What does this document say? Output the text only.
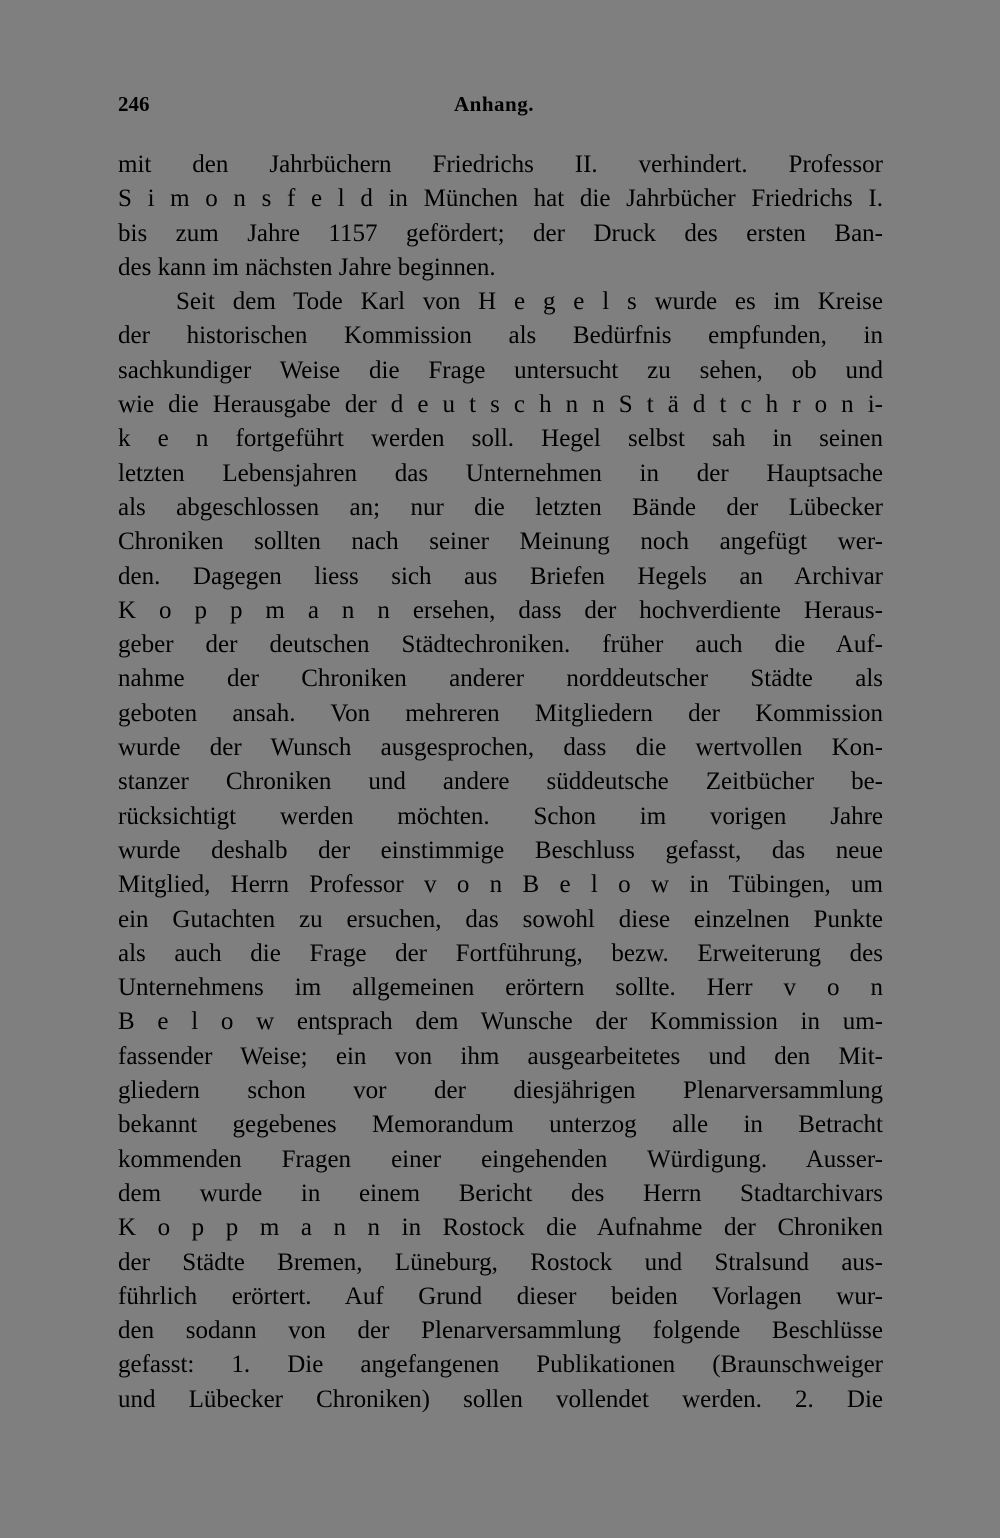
246	Anhang.
mit den Jahrbüchern Friedrichs II. verhindert. Professor
S i m o n s f e l d in München hat die Jahrbücher Friedrichs I.
bis zum Jahre 1157 gefördert; der Druck des ersten Ban-
des kann im nächsten Jahre beginnen.
Seit dem Tode Karl von H e g e l s wurde es im Kreise
der historischen Kommission als Bedürfnis empfunden, in
sachkundiger Weise die Frage untersucht zu sehen, ob und
wie die Herausgabe der d e u t s c h n n S t ä d t c h r o n i-
k e n fortgeführt werden soll. Hegel selbst sah in seinen
letzten Lebensjahren das Unternehmen in der Hauptsache
als abgeschlossen an; nur die letzten Bände der Lübecker
Chroniken sollten nach seiner Meinung noch angefügt wer-
den. Dagegen liess sich aus Briefen Hegels an Archivar
K o p p m a n n ersehen, dass der hochverdiente Heraus-
geber der deutschen Städtechroniken. früher auch die Auf-
nahme der Chroniken anderer norddeutscher Städte als
geboten ansah. Von mehreren Mitgliedern der Kommission
wurde der Wunsch ausgesprochen, dass die wertvollen Kon-
stanzer Chroniken und andere süddeutsche Zeitbücher be-
rücksichtigt werden möchten. Schon im vorigen Jahre
wurde deshalb der einstimmige Beschluss gefasst, das neue
Mitglied, Herrn Professor v o n B e l o w in Tübingen, um
ein Gutachten zu ersuchen, das sowohl diese einzelnen Punkte
als auch die Frage der Fortführung, bezw. Erweiterung des
Unternehmens im allgemeinen erörtern sollte. Herr v o n
B e l o w entsprach dem Wunsche der Kommission in um-
fassender Weise; ein von ihm ausgearbeitetes und den Mit-
gliedern schon vor der diesjährigen Plenarversammlung
bekannt gegebenes Memorandum unterzog alle in Betracht
kommenden Fragen einer eingehenden Würdigung. Ausser-
dem wurde in einem Bericht des Herrn Stadtarchivars
K o p p m a n n in Rostock die Aufnahme der Chroniken
der Städte Bremen, Lüneburg, Rostock und Stralsund aus-
führlich erörtert. Auf Grund dieser beiden Vorlagen wur-
den sodann von der Plenarversammlung folgende Beschlüsse
gefasst: 1. Die angefangenen Publikationen (Braunschweiger
und Lübecker Chroniken) sollen vollendet werden. 2. Die
